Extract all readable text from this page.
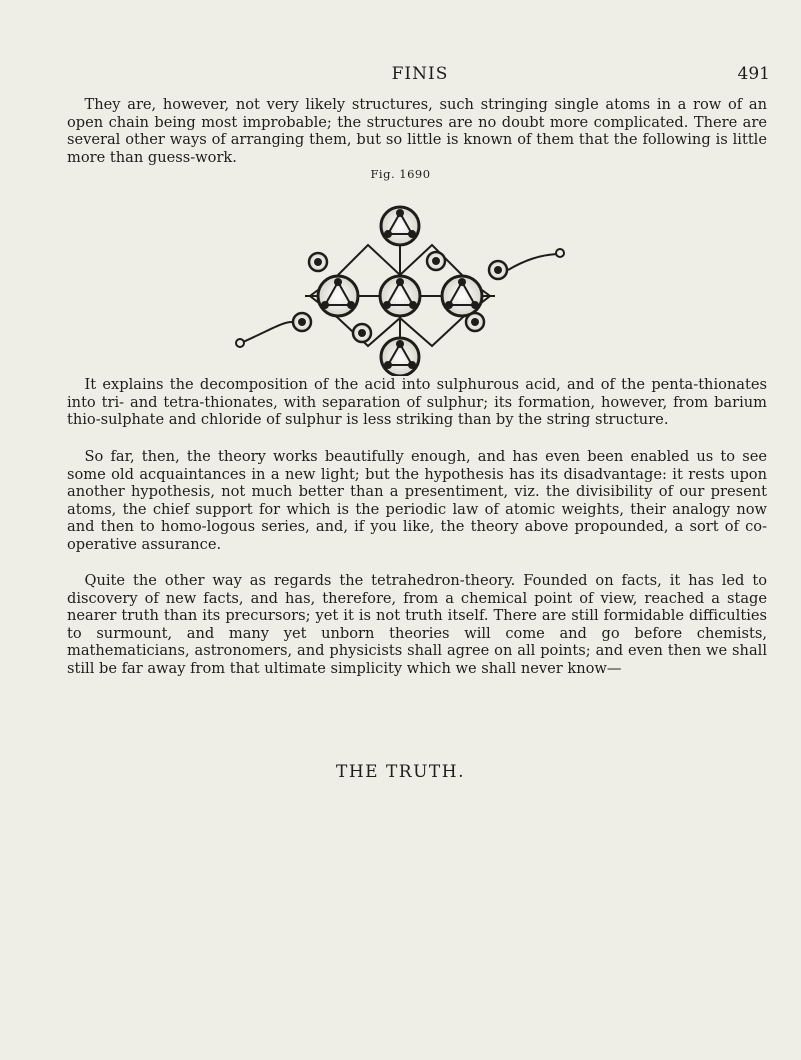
FINIS	491

They are, however, not very likely structures, such stringing single atoms in a row of an open chain being most improbable; the structures are no doubt more complicated. There are several other ways of arranging them, but so little is known of them that the following is little more than guess-work.

Fig. 1690

It explains the decomposition of the acid into sulphurous acid, and of the penta-thionates into tri- and tetra-thionates, with separation of sulphur; its formation, however, from barium thio-sulphate and chloride of sulphur is less striking than by the string structure.

So far, then, the theory works beautifully enough, and has even been enabled us to see some old acquaintances in a new light; but the hypothesis has its disadvantage: it rests upon another hypothesis, not much better than a presentiment, viz. the divisibility of our present atoms, the chief support for which is the periodic law of atomic weights, their analogy now and then to homo-logous series, and, if you like, the theory above propounded, a sort of co-operative assurance.

Quite the other way as regards the tetrahedron-theory. Founded on facts, it has led to discovery of new facts, and has, therefore, from a chemical point of view, reached a stage nearer truth than its precursors; yet it is not truth itself. There are still formidable difficulties to surmount, and many yet unborn theories will come and go before chemists, mathematicians, astronomers, and physicists shall agree on all points; and even then we shall still be far away from that ultimate simplicity which we shall never know—

THE TRUTH.
